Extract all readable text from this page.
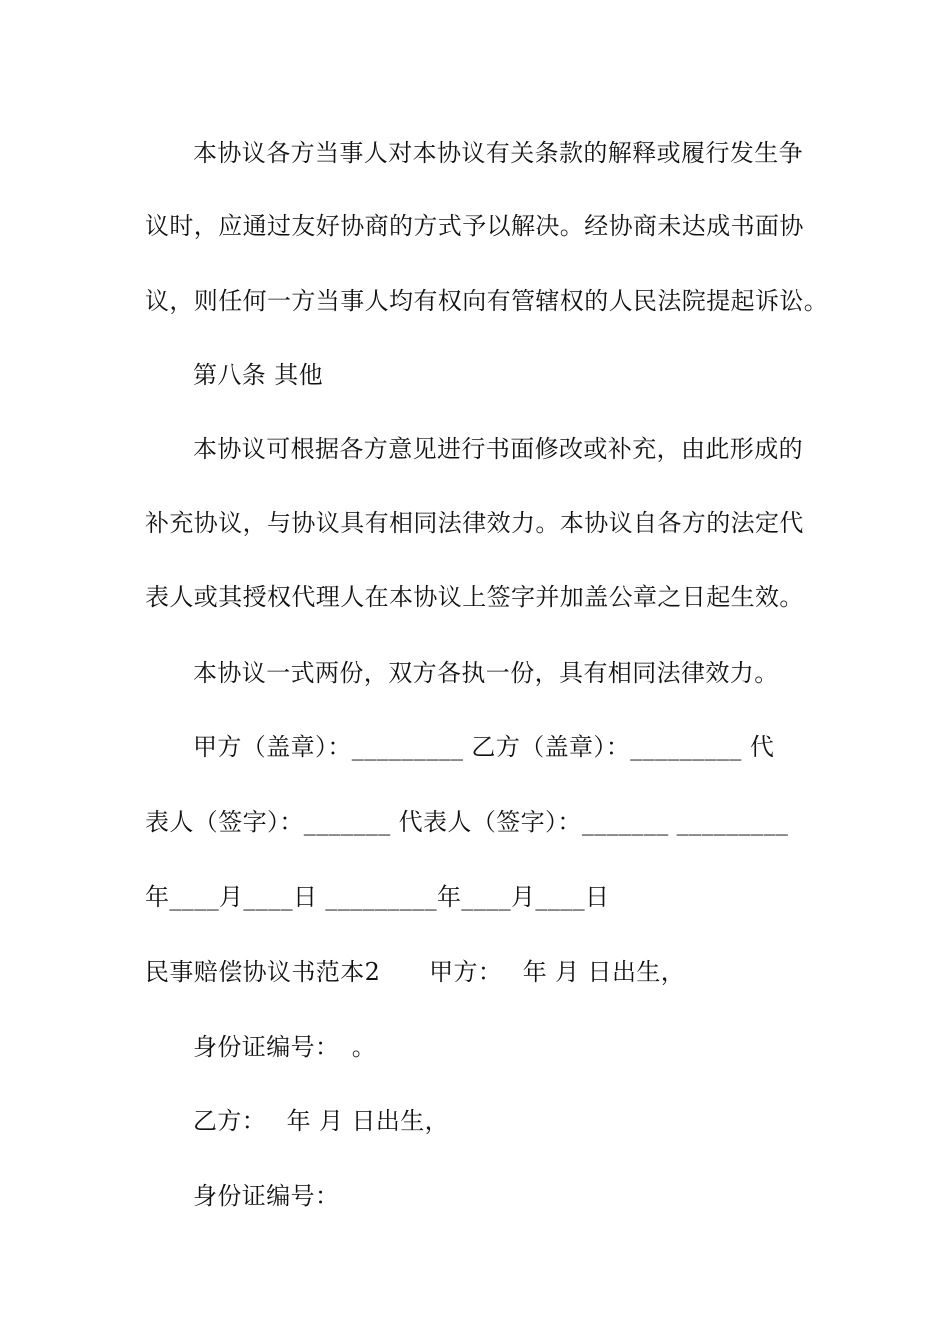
本协议各方当事人对本协议有关条款的解释或履行发生争
议时，应通过友好协商的方式予以解决。经协商未达成书面协
议，则任何一方当事人均有权向有管辖权的人民法院提起诉讼。
第八条 其他
本协议可根据各方意见进行书面修改或补充，由此形成的
补充协议，与协议具有相同法律效力。本协议自各方的法定代
表人或其授权代理人在本协议上签字并加盖公章之日起生效。
本协议一式两份，双方各执一份，具有相同法律效力。
甲方（盖章）：_________ 乙方（盖章）：_________ 代
表人（签字）：_______ 代表人（签字）：_______ _________
年____月____日 _________年____月____日
民事赔偿协议书范本2　　甲方：　 年 月 日出生，
身份证编号：　。
乙方：　 年 月 日出生，
身份证编号：
